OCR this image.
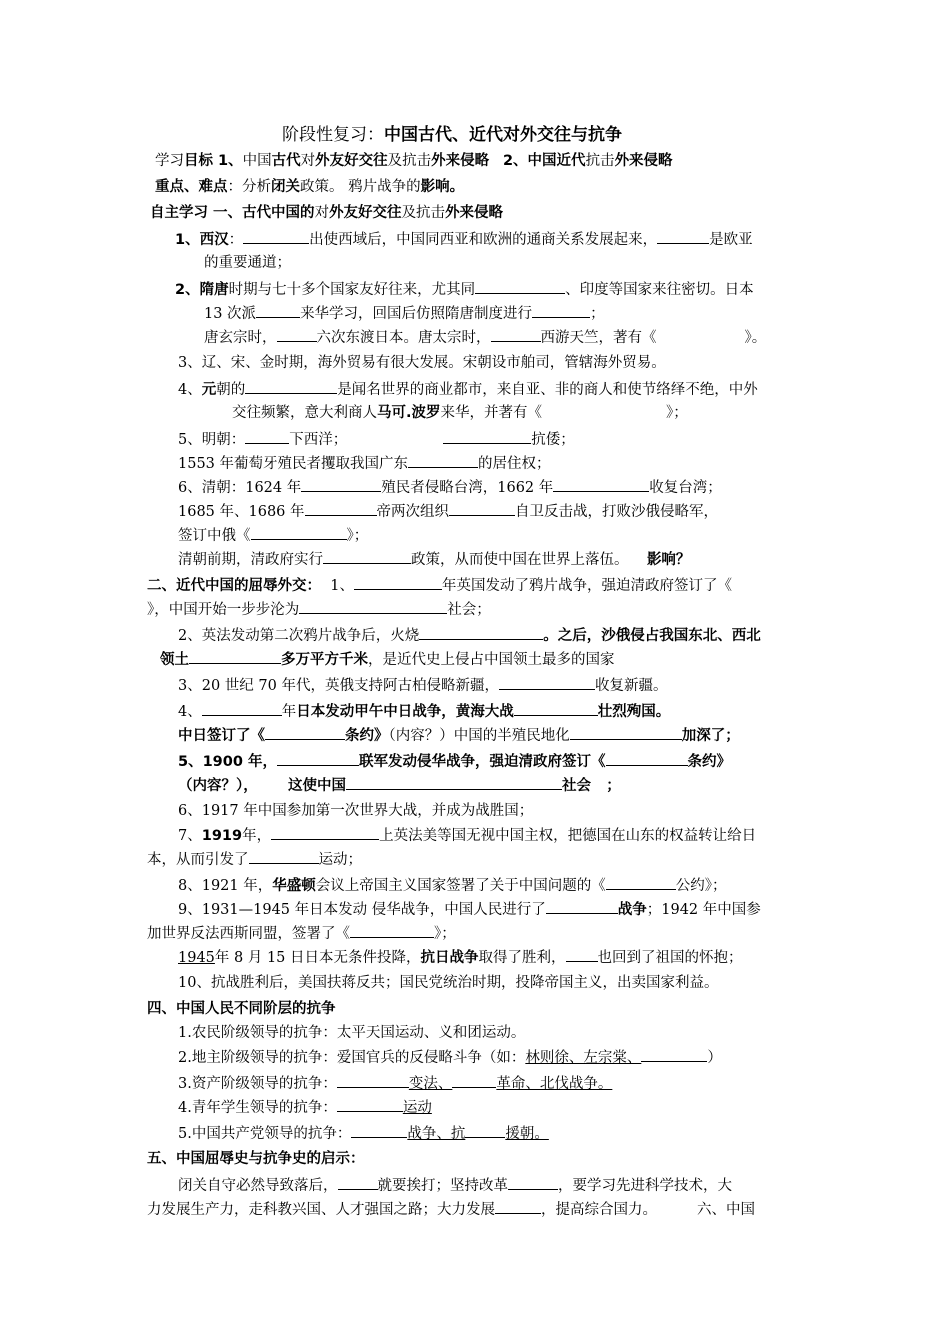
阶段性复习：中国古代、近代对外交往与抗争
学习目标 1、中国古代对外友好交往及抗击外来侵略 2、中国近代抗击外来侵略
重点、难点：分析闭关政策。 鸦片战争的影响。
自主学习 一、古代中国的对外友好交往及抗击外来侵略
1、西汉：	出使西域后，中国同西亚和欧洲的通商关系发展起来，	是欧亚
的重要通道；
2、隋唐时期与七十多个国家友好往来，尤其同	、印度等国家来往密切。日本
13 次派	来华学习，回国后仿照隋唐制度进行	；
唐玄宗时，	六次东渡日本。唐太宗时，	西游天竺，著有《	》。
3、辽、宋、金时期，海外贸易有很大发展。宋朝设市舶司，管辖海外贸易。
4、元朝的	是闻名世界的商业都市，来自亚、非的商人和使节络绎不绝，中外
交往频繁，意大利商人马可.波罗来华，并著有《	》；
5、明朝：	下西洋；	抗倭；
1553 年葡萄牙殖民者攫取我国广东	的居住权；
6、清朝：1624 年	殖民者侵略台湾，1662 年	收复台湾；
1685 年、1686 年	帝两次组织	自卫反击战，打败沙俄侵略军，
签订中俄《	》；
清朝前期，清政府实行	政策，从而使中国在世界上落伍。 影响？
二、近代中国的屈辱外交： 1、	年英国发动了鸦片战争，强迫清政府签订了《
》，中国开始一步步沦为	社会；
2、英法发动第二次鸦片战争后，火烧	。之后，沙俄侵占我国东北、西北
领土	多万平方千米，是近代史上侵占中国领土最多的国家
3、20 世纪 70 年代，英俄支持阿古柏侵略新疆，	收复新疆。
4、	年日本发动甲午中日战争，黄海大战	壮烈殉国。
中日签订了《	条约》（内容？）中国的半殖民地化	加深了；
5、1900 年，	联军发动侵华战争，强迫清政府签订《	条约》
（内容？）， 这使中国	社会 ；
6、1917 年中国参加第一次世界大战，并成为战胜国；
7、1919年，	上英法美等国无视中国主权，把德国在山东的权益转让给日
本，从而引发了	运动；
8、1921 年，华盛顿会议上帝国主义国家签署了关于中国问题的《	公约》；
9、1931—1945 年日本发动 侵华战争，中国人民进行了	战争；1942 年中国参
加世界反法西斯同盟，签署了《	》；
1945年 8 月 15 日日本无条件投降，抗日战争取得了胜利， 也回到了祖国的怀抱；
10、抗战胜利后，美国扶蒋反共；国民党统治时期，投降帝国主义，出卖国家利益。
四、中国人民不同阶层的抗争
1.农民阶级领导的抗争：太平天国运动、义和团运动。
2.地主阶级领导的抗争：爱国官兵的反侵略斗争（如：林则徐、左宗棠、	）
3.资产阶级领导的抗争：	变法、	革命、北伐战争。
4.青年学生领导的抗争：	运动
5.中国共产党领导的抗争：	战争、抗	援朝。
五、中国屈辱史与抗争史的启示：
闭关自守必然导致落后，	就要挨打；坚持改革	，要学习先进科学技术，大
力发展生产力，走科教兴国、人才强国之路；大力发展	，提高综合国力。	六、中国
